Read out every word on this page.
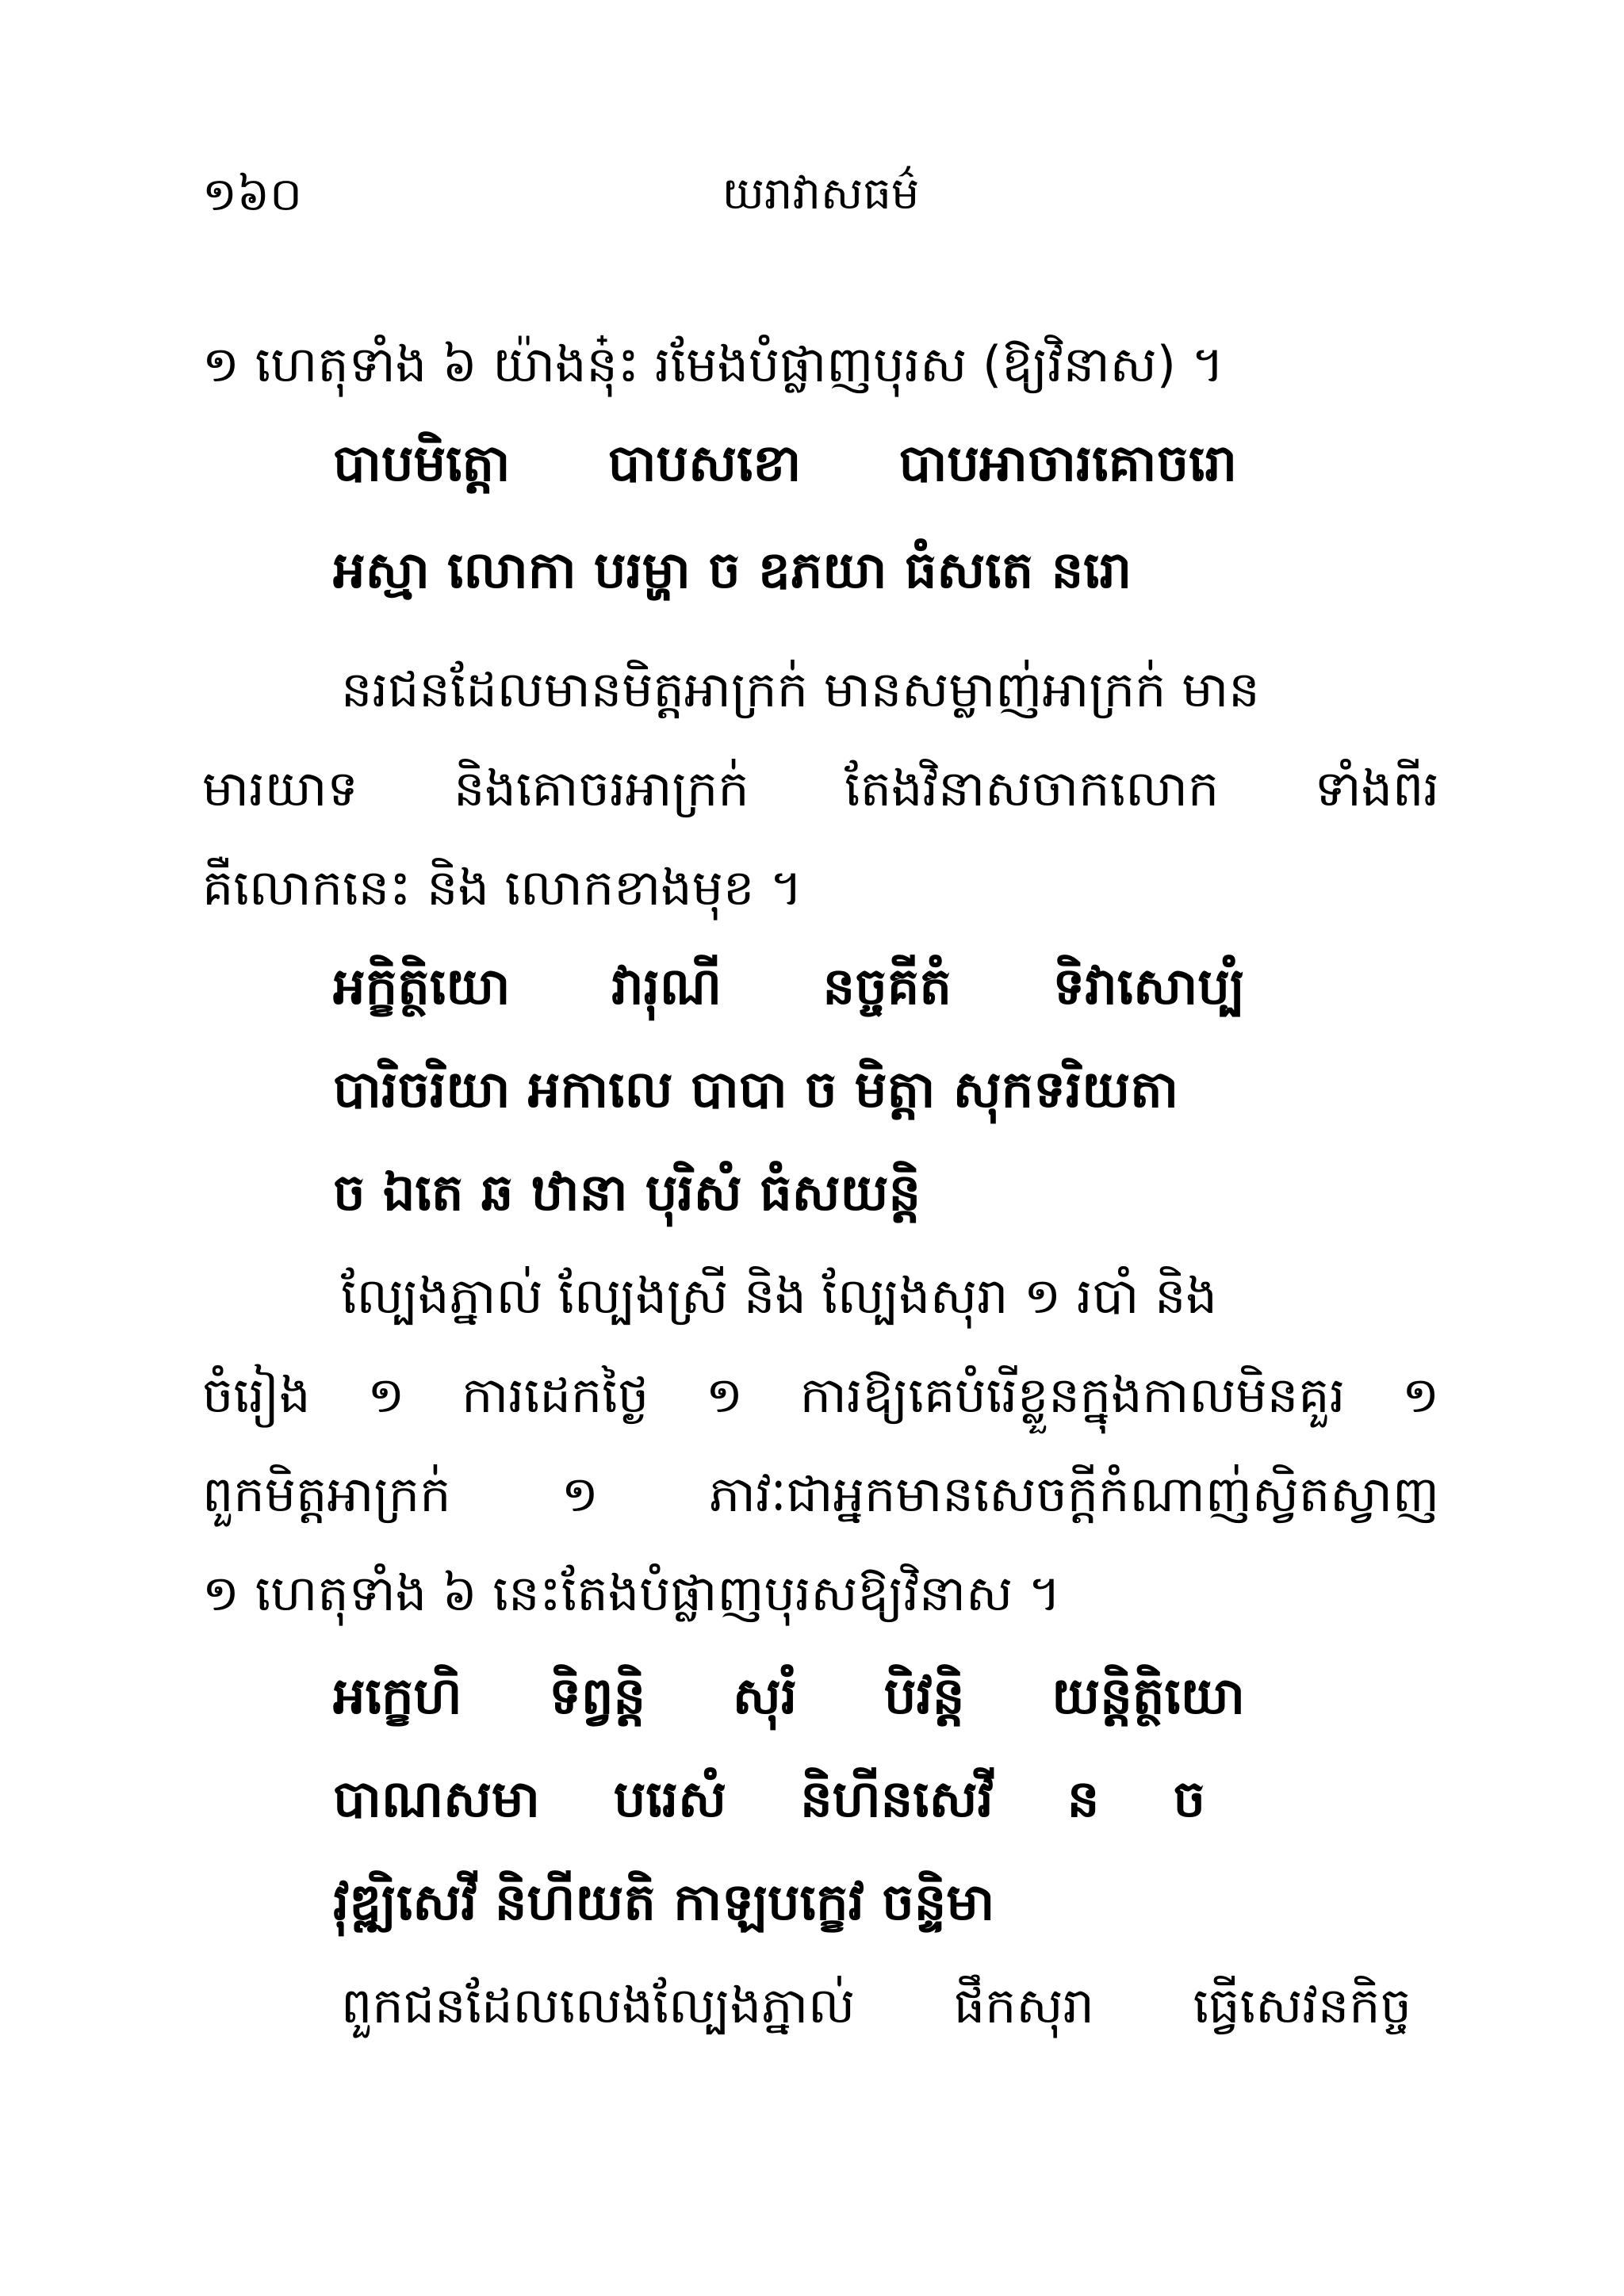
១៦០	យរាវាសធម៌
១ ហេតុទាំង ៦ យ៉ាងនុ៎ះ រមែងបំផ្លាញបុរស (ឱ្យវិនាស) ។
បាបមិត្តោ បាបសខោ បាបអាចារគោចរោ
អស្មា លោកា បរម្ហា ច ឧភយា ធំសតេ នរោ
នរជនដែលមានមិត្តអាក្រក់ មានសម្លាញ់អាក្រក់ មាន
មារយាទ និងគោចរអាក្រក់ តែងវិនាសចាកលោក ទាំងពីរ
គឺលោកនេះ និង លោកខាងមុខ ។
អក្ខិត្ថិយោ វារុណី នច្ចគីតំ ទិវាសោប្បំ
បារិចរិយា អកាលេ បាបា ច មិត្តា សុកទរិយតា
ច ឯតេ ឆ ឋានា បុរិសំ ធំសយន្តិ
ល្បែងភ្នាល់ ល្បែងស្រី និង ល្បែងសុរា ១ របាំ និង
ចំរៀង ១ ការដេកថ្ងៃ ១ ការឱ្យគេបំរើខ្លួនក្នុងកាលមិនគួរ ១
ពួកមិត្តអាក្រក់ ១ ភាវៈជាអ្នកមានសេចក្តីកំណាញ់ស្វិតស្វាញ
១ ហេតុទាំង ៦ នេះតែងបំផ្លាញបុរសឱ្យវិនាស ។
អក្ខេហិ ទិព្វន្តិ សុរំ បិវន្តិ យន្តិត្ថិយោ
បាណសមា បរេសំ និហីនសេវី ន ច
វុឌ្ឍិសេវី និហីយតិ កាឡបក្ខេវ ចន្ទិមា
ពួកជនដែលលេងល្បែងភ្នាល់ ផឹកសុរា ធ្វើសេវនកិច្ច
